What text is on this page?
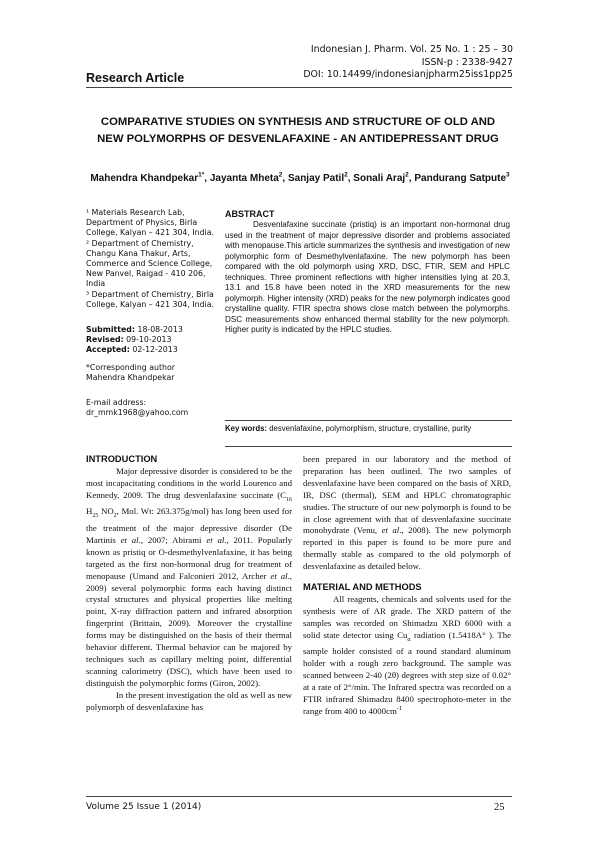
Indonesian J. Pharm. Vol. 25 No. 1 : 25 – 30
ISSN-p : 2338-9427
DOI: 10.14499/indonesianjpharm25iss1pp25
Research Article
COMPARATIVE STUDIES ON SYNTHESIS AND STRUCTURE OF OLD AND NEW POLYMORPHS OF DESVENLAFAXINE - AN ANTIDEPRESSANT DRUG
Mahendra Khandpekar$^{1*}$, Jayanta Mheta$^2$, Sanjay Patil$^2$, Sonali Araj$^2$, Pandurang Satpute$^3$

¹ Materials Research Lab, Department of Physics, Birla College, Kalyan – 421 304, India.

² Department of Chemistry, Changu Kana Thakur, Arts, Commerce and Science College, New Panvel, Raigad - 410 206, India

³ Department of Chemistry, Birla College, Kalyan – 421 304, India.

Submitted: 18-08-2013
Revised: 09-10-2013
Accepted: 02-12-2013
*Corresponding author
Mahendra Khandpekar
E-mail address:
dr_mmk1968@yahoo.com
ABSTRACT
Desvenlafaxine succinate (pristiq) is an important non-hormonal drug used in the treatment of major depressive disorder and problems associated with menopause.This article summarizes the synthesis and investigation of new polymorphic form of Desmethylvenlafaxine. The new polymorph has been compared with the old polymorph using XRD, DSC, FTIR, SEM and HPLC techniques. Three prominent reflections with higher intensities lying at 20.3, 13.1 and 15.8 have been noted in the XRD measurements for the new polymorph. Higher intensity (XRD) peaks for the new polymorph indicates good crystalline quality. FTIR spectra shows close match between the polymorphs. DSC measurements show enhanced thermal stability for the new polymorph. Higher purity is indicated by the HPLC studies.
Key words: desvenlafaxine, polymorphism, structure, crystalline, purity
INTRODUCTION

Major depressive disorder is considered to be the most incapacitating conditions in the world Lourenco and Kennedy, 2009. The drug desvenlafaxine succinate ($C_{16}$ $H_{25}$ $NO_2$, Mol. Wt: 263.375g/mol) has long been used for the treatment of the major depressive disorder (De Martinis et al., 2007; Abirami et al., 2011. Popularly known as pristiq or O-desmethylvenlafaxine, it has being targeted as the first non-hormonal drug for treatment of menopause (Umand and Falconieri 2012, Archer et al., 2009) several polymorphic forms each having distinct crystal structures and physical properties like melting point, X-ray diffraction pattern and infrared absorption fingerprint (Brittain, 2009). Moreover the crystalline forms may be distinguished on the basis of their thermal behavior different. Thermal behavior can be majored by techniques such as capillary melting point, differential scanning calorimetry (DSC), which have been used to distinguish the polymorphic forms (Giron, 2002).

In the present investigation the old as well as new polymorph of desvenlafaxine has

been prepared in our laboratory and the method of preparation has been outlined. The two samples of desvenlafaxine have been compared on the basis of XRD, IR, DSC (thermal), SEM and HPLC chromatographic studies. The structure of our new polymorph is found to be in close agreement with that of desvenlafaxine succinate monohydrate (Venu, et al., 2008). The new polymorph reported in this paper is found to be more pure and thermally stable as compared to the old polymorph of desvenlafaxine as detailed below.

MATERIAL AND METHODS

All reagents, chemicals and solvents used for the synthesis were of AR grade. The XRD pattern of the samples was recorded on Shimadzu XRD 6000 with a solid state detector using $Cu_\alpha$ radiation (1.5418A° ). The sample holder consisted of a round standard aluminum holder with a rough zero background. The sample was scanned between 2-40 (2θ) degrees with step size of 0.02° at a rate of 2°/min. The Infrared spectra was recorded on a FTIR infrared Shimadzu 8400 spectrophoto-meter in the range from 400 to $4000cm^{-1}$

Volume 25 Issue 1 (2014)	25
